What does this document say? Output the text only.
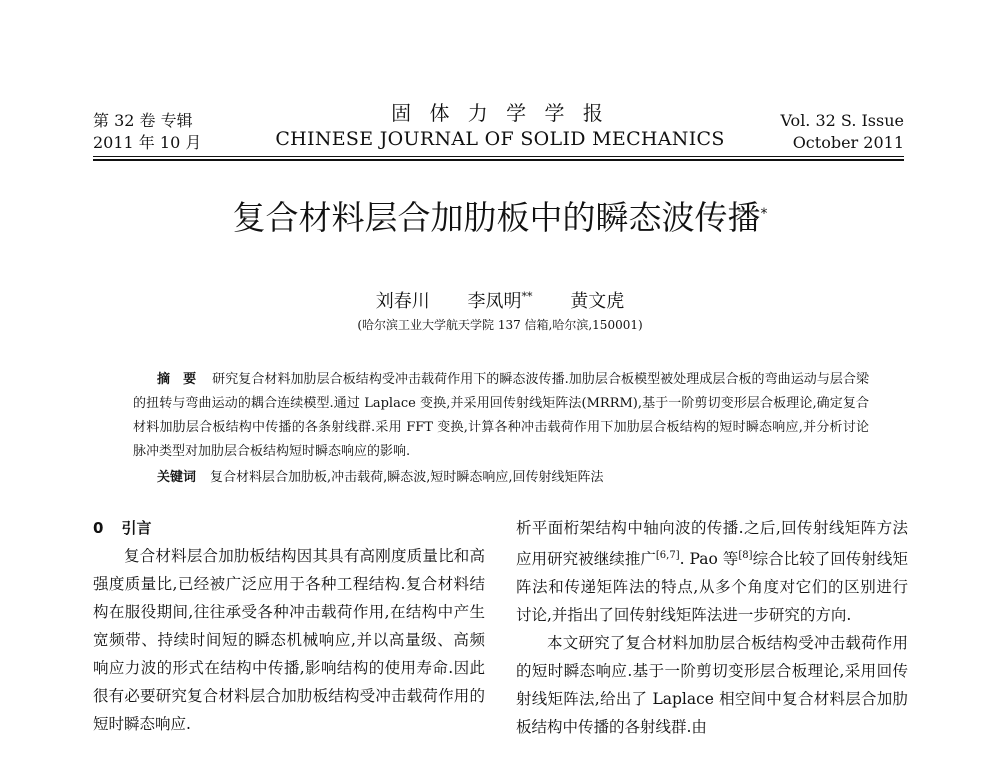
第 32 卷 专辑
2011 年 10 月
固 体 力 学 学 报
CHINESE JOURNAL OF SOLID MECHANICS
Vol. 32 S. Issue
October 2011
复合材料层合加肋板中的瞬态波传播*
刘春川 李凤明** 黄文虎
(哈尔滨工业大学航天学院 137 信箱,哈尔滨,150001)
摘　要 研究复合材料加肋层合板结构受冲击载荷作用下的瞬态波传播.加肋层合板模型被处理成层合板的弯曲运动与层合梁的扭转与弯曲运动的耦合连续模型.通过 Laplace 变换,并采用回传射线矩阵法(MRRM),基于一阶剪切变形层合板理论,确定复合材料加肋层合板结构中传播的各条射线群.采用 FFT 变换,计算各种冲击载荷作用下加肋层合板结构的短时瞬态响应,并分析讨论脉冲类型对加肋层合板结构短时瞬态响应的影响.
关键词 复合材料层合加肋板,冲击载荷,瞬态波,短时瞬态响应,回传射线矩阵法

0 引言

复合材料层合加肋板结构因其具有高刚度质量比和高强度质量比,已经被广泛应用于各种工程结构.复合材料结构在服役期间,往往承受各种冲击载荷作用,在结构中产生宽频带、持续时间短的瞬态机械响应,并以高量级、高频响应力波的形式在结构中传播,影响结构的使用寿命.因此很有必要研究复合材料层合加肋板结构受冲击载荷作用的短时瞬态响应.

析平面桁架结构中轴向波的传播.之后,回传射线矩阵方法应用研究被继续推广[6,7]. Pao 等[8]综合比较了回传射线矩阵法和传递矩阵法的特点,从多个角度对它们的区别进行讨论,并指出了回传射线矩阵法进一步研究的方向.

本文研究了复合材料加肋层合板结构受冲击载荷作用的短时瞬态响应.基于一阶剪切变形层合板理论,采用回传射线矩阵法,给出了 Laplace 相空间中复合材料层合加肋板结构中传播的各射线群.由
